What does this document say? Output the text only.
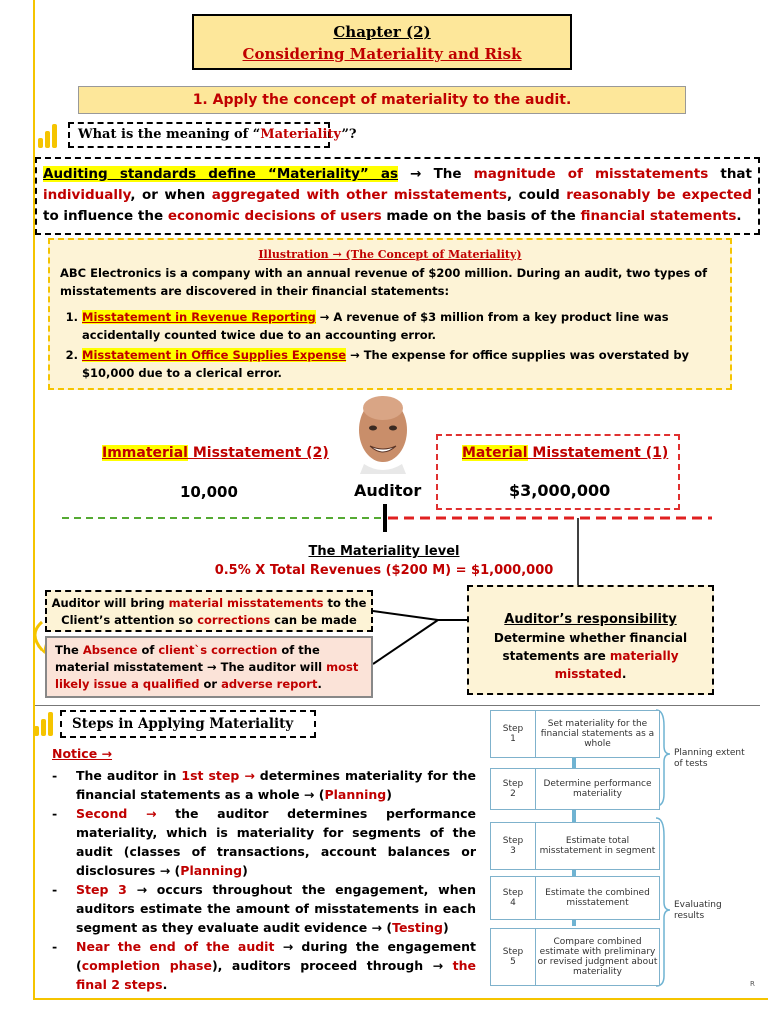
Chapter (2)
Considering Materiality and Risk
1. Apply the concept of materiality to the audit.
What is the meaning of “Materiality”?
Auditing standards define “Materiality” as → The magnitude of misstatements that individually, or when aggregated with other misstatements, could reasonably be expected to influence the economic decisions of users made on the basis of the financial statements.
Illustration → (The Concept of Materiality)
ABC Electronics is a company with an annual revenue of $200 million. During an audit, two types of misstatements are discovered in their financial statements:
1. Misstatement in Revenue Reporting → A revenue of $3 million from a key product line was accidentally counted twice due to an accounting error.
2. Misstatement in Office Supplies Expense → The expense for office supplies was overstated by $10,000 due to a clerical error.
Immaterial Misstatement (2)
10,000	Auditor
Material Misstatement (1)
$3,000,000
The Materiality level
0.5% X Total Revenues ($200 M) = $1,000,000
Auditor will bring material misstatements to the Client’s attention so corrections can be made
The Absence of client`s correction of the material misstatement → The auditor will most likely issue a qualified or adverse report.
Auditor’s responsibility
Determine whether financial statements are materially misstated.
Steps in Applying Materiality
Notice →
- The auditor in 1st step → determines materiality for the financial statements as a whole → (Planning)
- Second → the auditor determines performance materiality, which is materiality for segments of the audit (classes of transactions, account balances or disclosures → (Planning)
- Step 3 → occurs throughout the engagement, when auditors estimate the amount of misstatements in each segment as they evaluate audit evidence → (Testing)
- Near the end of the audit → during the engagement (completion phase), auditors proceed through → the final 2 steps.
Step
1
Set materiality for the financial statements as a whole
Step
2
Determine performance materiality
Step
3
Estimate total misstatement in segment
Step
4
Estimate the combined misstatement
Step
5
Compare combined estimate with preliminary or revised judgment about materiality
Planning extent of tests
Evaluating results
R
